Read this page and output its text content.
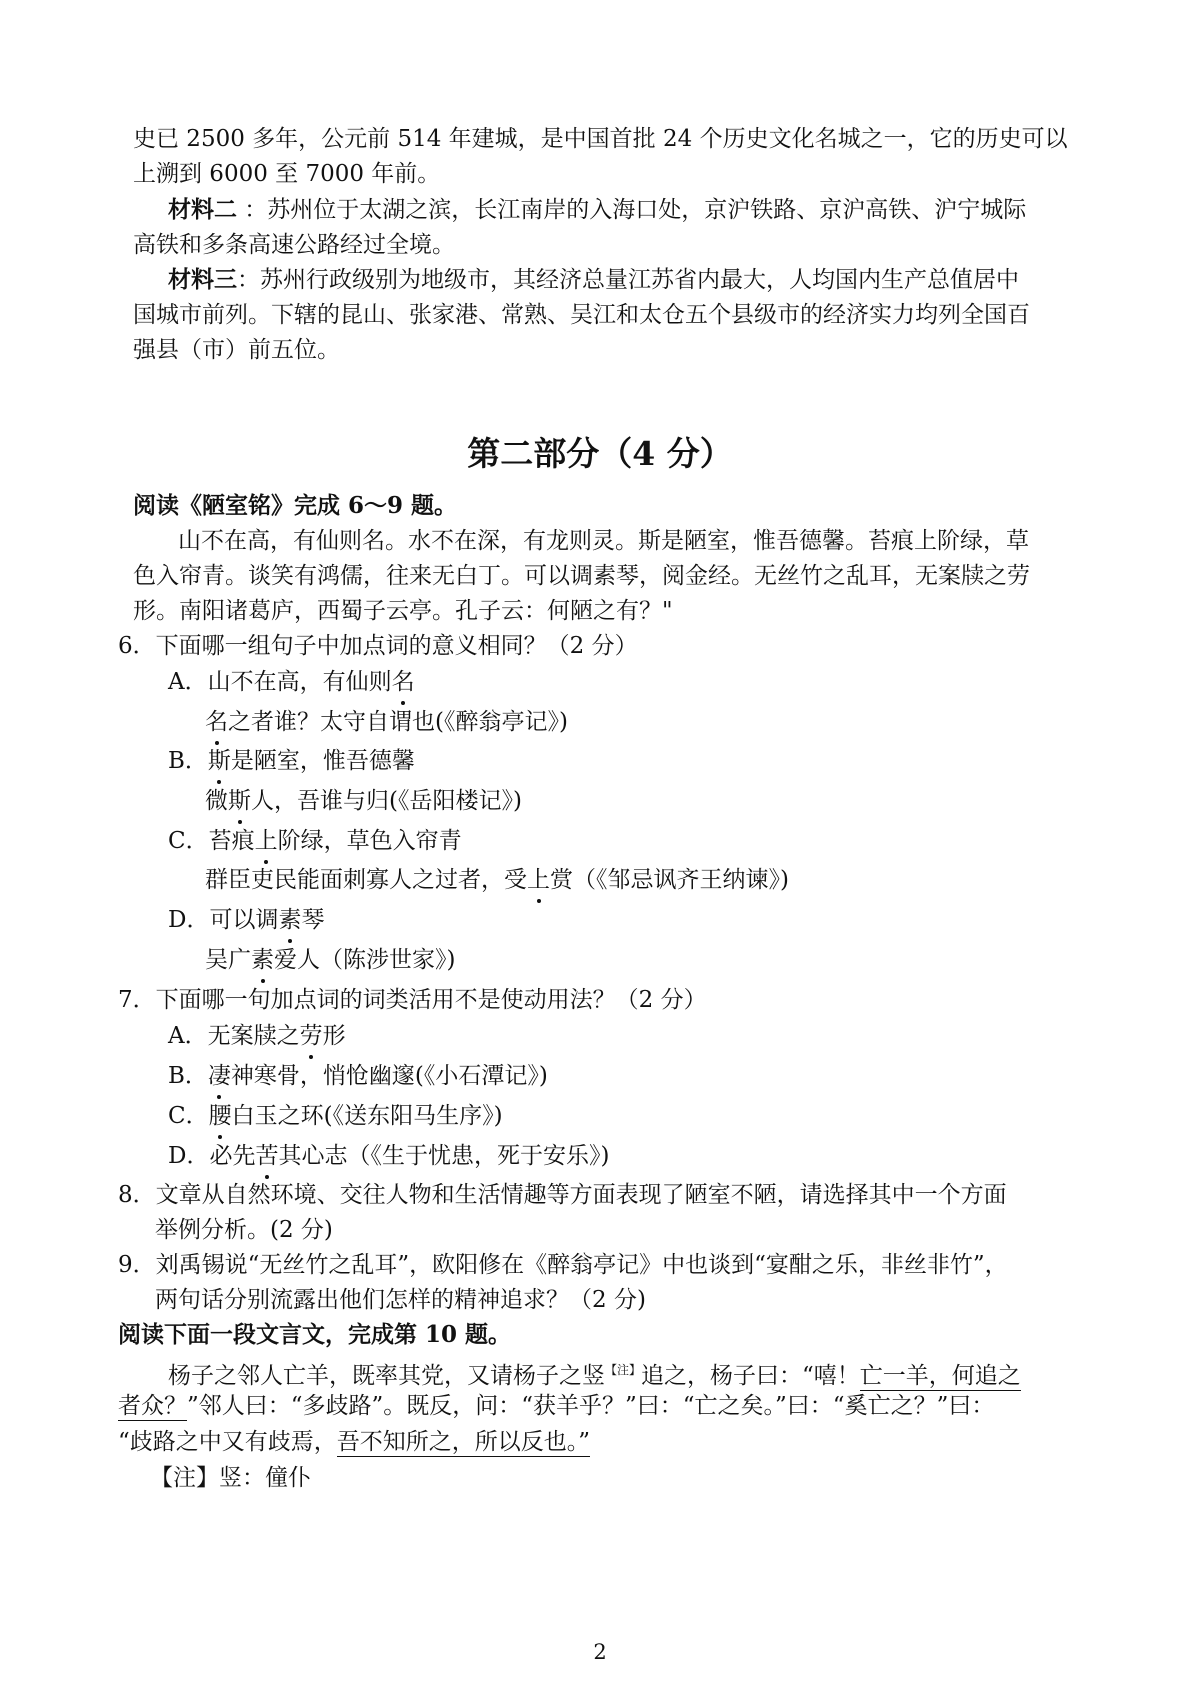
史已 2500 多年，公元前 514 年建城，是中国首批 24 个历史文化名城之一，它的历史可以
上溯到 6000 至 7000 年前。
材料二 ：苏州位于太湖之滨，长江南岸的入海口处，京沪铁路、京沪高铁、沪宁城际
高铁和多条高速公路经过全境。
材料三：苏州行政级别为地级市，其经济总量江苏省内最大，人均国内生产总值居中
国城市前列。下辖的昆山、张家港、常熟、吴江和太仓五个县级市的经济实力均列全国百
强县（市）前五位。
第二部分（4 分）
阅读《陋室铭》完成 6～9 题。
山不在高，有仙则名。水不在深，有龙则灵。斯是陋室，惟吾德馨。苔痕上阶绿，草
色入帘青。谈笑有鸿儒，往来无白丁。可以调素琴，阅金经。无丝竹之乱耳，无案牍之劳
形。南阳诸葛庐，西蜀子云亭。孔子云：何陋之有？"
6．下面哪一组句子中加点词的意义相同？（2 分）
A．山不在高，有仙则名
名之者谁？太守自谓也(《醉翁亭记》)
B．斯是陋室，惟吾德馨
微斯人，吾谁与归(《岳阳楼记》)
C．苔痕上阶绿，草色入帘青
群臣吏民能面刺寡人之过者，受上赏（《邹忌讽齐王纳谏》)
D．可以调素琴
吴广素爱人（陈涉世家》)
7．下面哪一句加点词的词类活用不是使动用法？（2 分）
A．无案牍之劳形
B．凄神寒骨，悄怆幽邃(《小石潭记》)
C．腰白玉之环(《送东阳马生序》)
D．必先苦其心志（《生于忧患，死于安乐》)
8．文章从自然环境、交往人物和生活情趣等方面表现了陋室不陋，请选择其中一个方面
举例分析。(2 分)
9．刘禹锡说“无丝竹之乱耳”，欧阳修在《醉翁亭记》中也谈到“宴酣之乐，非丝非竹”，
两句话分别流露出他们怎样的精神追求？（2 分)
阅读下面一段文言文，完成第 10 题。
杨子之邻人亡羊，既率其党，又请杨子之竖$^{【注】}$追之，杨子曰：“嘻！亡一羊，何追之
者众？”邻人曰：“多歧路”。既反，问：“获羊乎？”曰：“亡之矣。”曰：“奚亡之？”曰：
“歧路之中又有歧焉，吾不知所之，所以反也。”
【注】竖：僮仆
2
